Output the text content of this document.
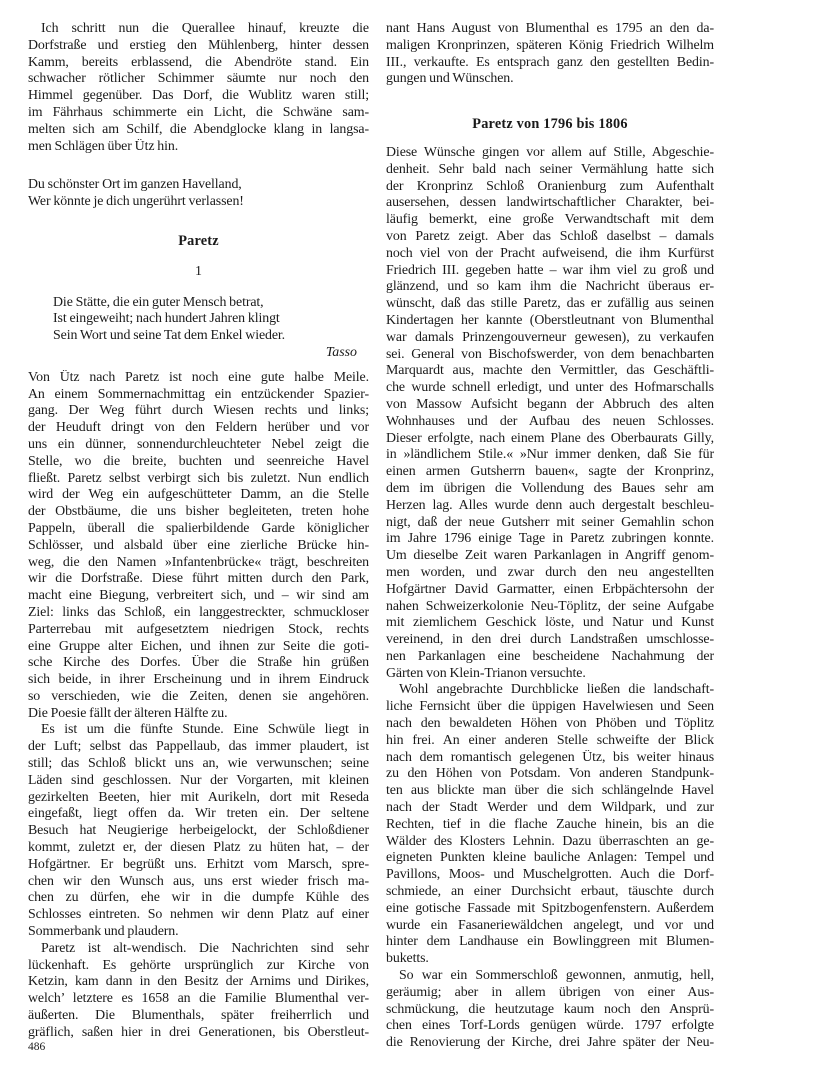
Ich schritt nun die Querallee hinauf, kreuzte die
Dorfstraße und erstieg den Mühlenberg, hinter dessen
Kamm, bereits erblassend, die Abendröte stand. Ein
schwacher rötlicher Schimmer säumte nur noch den
Himmel gegenüber. Das Dorf, die Wublitz waren still;
im Fährhaus schimmerte ein Licht, die Schwäne sam-
melten sich am Schilf, die Abendglocke klang in langsa-
men Schlägen über Ütz hin.
Du schönster Ort im ganzen Havelland,
Wer könnte je dich ungerührt verlassen!
Paretz
1
Die Stätte, die ein guter Mensch betrat,
Ist eingeweiht; nach hundert Jahren klingt
Sein Wort und seine Tat dem Enkel wieder.
Tasso
Von Ütz nach Paretz ist noch eine gute halbe Meile.
An einem Sommernachmittag ein entzückender Spazier-
gang. Der Weg führt durch Wiesen rechts und links;
der Heuduft dringt von den Feldern herüber und vor
uns ein dünner, sonnendurchleuchteter Nebel zeigt die
Stelle, wo die breite, buchten und seenreiche Havel
fließt. Paretz selbst verbirgt sich bis zuletzt. Nun endlich
wird der Weg ein aufgeschütteter Damm, an die Stelle
der Obstbäume, die uns bisher begleiteten, treten hohe
Pappeln, überall die spalierbildende Garde königlicher
Schlösser, und alsbald über eine zierliche Brücke hin-
weg, die den Namen »Infantenbrücke« trägt, beschreiten
wir die Dorfstraße. Diese führt mitten durch den Park,
macht eine Biegung, verbreitert sich, und – wir sind am
Ziel: links das Schloß, ein langgestreckter, schmuckloser
Parterrebau mit aufgesetztem niedrigen Stock, rechts
eine Gruppe alter Eichen, und ihnen zur Seite die goti-
sche Kirche des Dorfes. Über die Straße hin grüßen
sich beide, in ihrer Erscheinung und in ihrem Eindruck
so verschieden, wie die Zeiten, denen sie angehören.
Die Poesie fällt der älteren Hälfte zu.
Es ist um die fünfte Stunde. Eine Schwüle liegt in
der Luft; selbst das Pappellaub, das immer plaudert, ist
still; das Schloß blickt uns an, wie verwunschen; seine
Läden sind geschlossen. Nur der Vorgarten, mit kleinen
gezirkelten Beeten, hier mit Aurikeln, dort mit Reseda
eingefaßt, liegt offen da. Wir treten ein. Der seltene
Besuch hat Neugierige herbeigelockt, der Schloßdiener
kommt, zuletzt er, der diesen Platz zu hüten hat, – der
Hofgärtner. Er begrüßt uns. Erhitzt vom Marsch, spre-
chen wir den Wunsch aus, uns erst wieder frisch ma-
chen zu dürfen, ehe wir in die dumpfe Kühle des
Schlosses eintreten. So nehmen wir denn Platz auf einer
Sommerbank und plaudern.
Paretz ist alt-wendisch. Die Nachrichten sind sehr
lückenhaft. Es gehörte ursprünglich zur Kirche von
Ketzin, kam dann in den Besitz der Arnims und Dirikes,
welch’ letztere es 1658 an die Familie Blumenthal ver-
äußerten. Die Blumenthals, später freiherrlich und
gräflich, saßen hier in drei Generationen, bis Oberstleut-
nant Hans August von Blumenthal es 1795 an den da-
maligen Kronprinzen, späteren König Friedrich Wilhelm
III., verkaufte. Es entsprach ganz den gestellten Bedin-
gungen und Wünschen.
Paretz von 1796 bis 1806
Diese Wünsche gingen vor allem auf Stille, Abgeschie-
denheit. Sehr bald nach seiner Vermählung hatte sich
der Kronprinz Schloß Oranienburg zum Aufenthalt
ausersehen, dessen landwirtschaftlicher Charakter, bei-
läufig bemerkt, eine große Verwandtschaft mit dem
von Paretz zeigt. Aber das Schloß daselbst – damals
noch viel von der Pracht aufweisend, die ihm Kurfürst
Friedrich III. gegeben hatte – war ihm viel zu groß und
glänzend, und so kam ihm die Nachricht überaus er-
wünscht, daß das stille Paretz, das er zufällig aus seinen
Kindertagen her kannte (Oberstleutnant von Blumenthal
war damals Prinzengouverneur gewesen), zu verkaufen
sei. General von Bischofswerder, von dem benachbarten
Marquardt aus, machte den Vermittler, das Geschäftli-
che wurde schnell erledigt, und unter des Hofmarschalls
von Massow Aufsicht begann der Abbruch des alten
Wohnhauses und der Aufbau des neuen Schlosses.
Dieser erfolgte, nach einem Plane des Oberbaurats Gilly,
in »ländlichem Stile.« »Nur immer denken, daß Sie für
einen armen Gutsherrn bauen«, sagte der Kronprinz,
dem im übrigen die Vollendung des Baues sehr am
Herzen lag. Alles wurde denn auch dergestalt beschleu-
nigt, daß der neue Gutsherr mit seiner Gemahlin schon
im Jahre 1796 einige Tage in Paretz zubringen konnte.
Um dieselbe Zeit waren Parkanlagen in Angriff genom-
men worden, und zwar durch den neu angestellten
Hofgärtner David Garmatter, einen Erbpächtersohn der
nahen Schweizerkolonie Neu-Töplitz, der seine Aufgabe
mit ziemlichem Geschick löste, und Natur und Kunst
vereinend, in den drei durch Landstraßen umschlosse-
nen Parkanlagen eine bescheidene Nachahmung der
Gärten von Klein-Trianon versuchte.
Wohl angebrachte Durchblicke ließen die landschaft-
liche Fernsicht über die üppigen Havelwiesen und Seen
nach den bewaldeten Höhen von Phöben und Töplitz
hin frei. An einer anderen Stelle schweifte der Blick
nach dem romantisch gelegenen Ütz, bis weiter hinaus
zu den Höhen von Potsdam. Von anderen Standpunk-
ten aus blickte man über die sich schlängelnde Havel
nach der Stadt Werder und dem Wildpark, und zur
Rechten, tief in die flache Zauche hinein, bis an die
Wälder des Klosters Lehnin. Dazu überraschten an ge-
eigneten Punkten kleine bauliche Anlagen: Tempel und
Pavillons, Moos- und Muschelgrotten. Auch die Dorf-
schmiede, an einer Durchsicht erbaut, täuschte durch
eine gotische Fassade mit Spitzbogenfenstern. Außerdem
wurde ein Fasaneriewäldchen angelegt, und vor und
hinter dem Landhause ein Bowlinggreen mit Blumen-
buketts.
So war ein Sommerschloß gewonnen, anmutig, hell,
geräumig; aber in allem übrigen von einer Aus-
schmückung, die heutzutage kaum noch den Ansprü-
chen eines Torf-Lords genügen würde. 1797 erfolgte
die Renovierung der Kirche, drei Jahre später der Neu-
486
